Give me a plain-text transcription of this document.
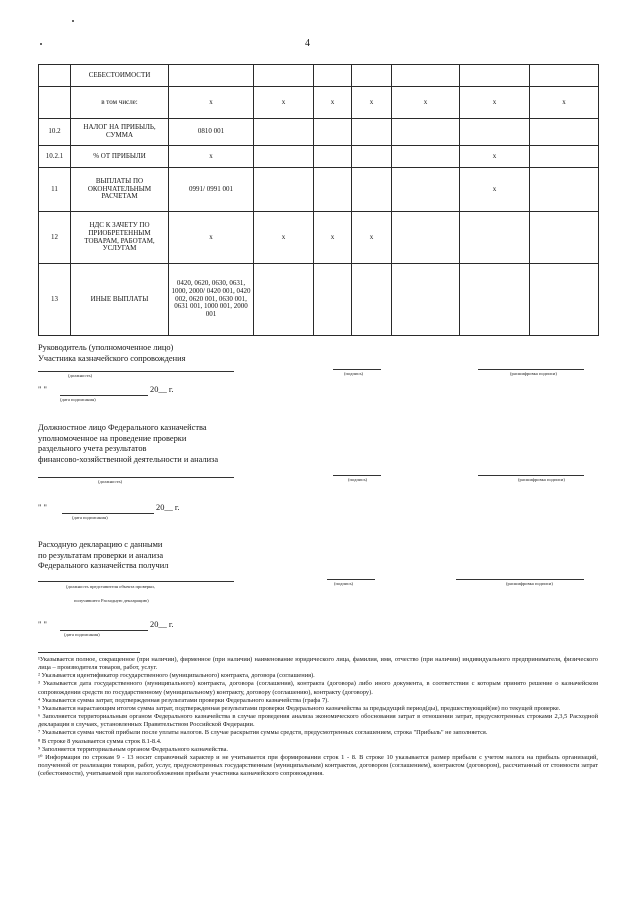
4
	СЕБЕСТОИМОСТИ							
	в том числе:	x	x	x	x	x	x	x
10.2	НАЛОГ НА ПРИБЫЛЬ, СУММА	0810 001						
10.2.1	% ОТ ПРИБЫЛИ	x					x	
11	ВЫПЛАТЫ ПО ОКОНЧАТЕЛЬНЫМ РАСЧЕТАМ	0991/ 0991 001					x	
12	НДС К ЗАЧЕТУ ПО ПРИОБРЕТЕННЫМ ТОВАРАМ, РАБОТАМ, УСЛУГАМ	x	x	x	x			
13	ИНЫЕ ВЫПЛАТЫ	0420, 0620, 0630, 0631, 1000, 2000/ 0420 001, 0420 002, 0620 001, 0630 001, 0631 001, 1000 001, 2000 001						
Руководитель (уполномоченное лицо)
Участника казначейского сопровождения
(должность)	(подпись)	(расшифровка подписи)
" "	20__ г.
(дата подписания)
Должностное лицо Федерального казначейства
уполномоченное на проведение проверки
раздельного учета результатов
финансово-хозяйственной деятельности и анализа
(должность)	(подпись)	(расшифровка подписи)
" "	20__ г.
(дата подписания)
Расходную декларацию с данными
по результатам проверки и анализа
Федерального казначейства получил
(должность представителя объекта проверки,
получившего Расходную декларацию)
(подпись)	(расшифровка подписи)
" "	20__ г.
(дата подписания)

¹Указывается полное, сокращенное (при наличии), фирменное (при наличии) наименование юридического лица, фамилия, имя, отчество (при наличии) индивидуального предпринимателя, физического лица – производителя товаров, работ, услуг.

² Указывается идентификатор государственного (муниципального) контракта, договора (соглашения).

³ Указывается дата государственного (муниципального) контракта, договора (соглашения), контракта (договора) либо иного документа, в соответствии с которым принято решение о казначейском сопровождении средств по государственному (муниципальному) контракту, договору (соглашению), контракту (договору).

⁴ Указывается сумма затрат, подтвержденная результатами проверки Федерального казначейства (графа 7).

⁵ Указывается нарастающим итогом сумма затрат, подтвержденная результатами проверки Федерального казначейства за предыдущий период(ды), предшествующий(ие) по текущей проверке.

⁶ Заполняется территориальным органом Федерального казначейства в случае проведения анализа экономического обоснования затрат в отношении затрат, предусмотренных строками 2,3,5 Расходной декларации в случаях, установленных Правительством Российской Федерации.

⁷ Указывается сумма чистой прибыли после уплаты налогов. В случае раскрытия суммы средств, предусмотренных соглашением, строка "Прибыль" не заполняется.

⁸ В строке 8 указывается сумма строк 8.1-8.4.

⁹ Заполняется территориальным органом Федерального казначейства.

¹⁰ Информация по строкам 9 - 13 носит справочный характер и не учитывается при формировании строк 1 - 8. В строке 10 указывается размер прибыли с учетом налога на прибыль организаций, полученной от реализации товаров, работ, услуг, предусмотренных государственным (муниципальным) контрактом, договором (соглашением), контрактом (договором), рассчитанный от стоимости затрат (себестоимости), учитываемой при налогообложении прибыли участника казначейского сопровождения.
